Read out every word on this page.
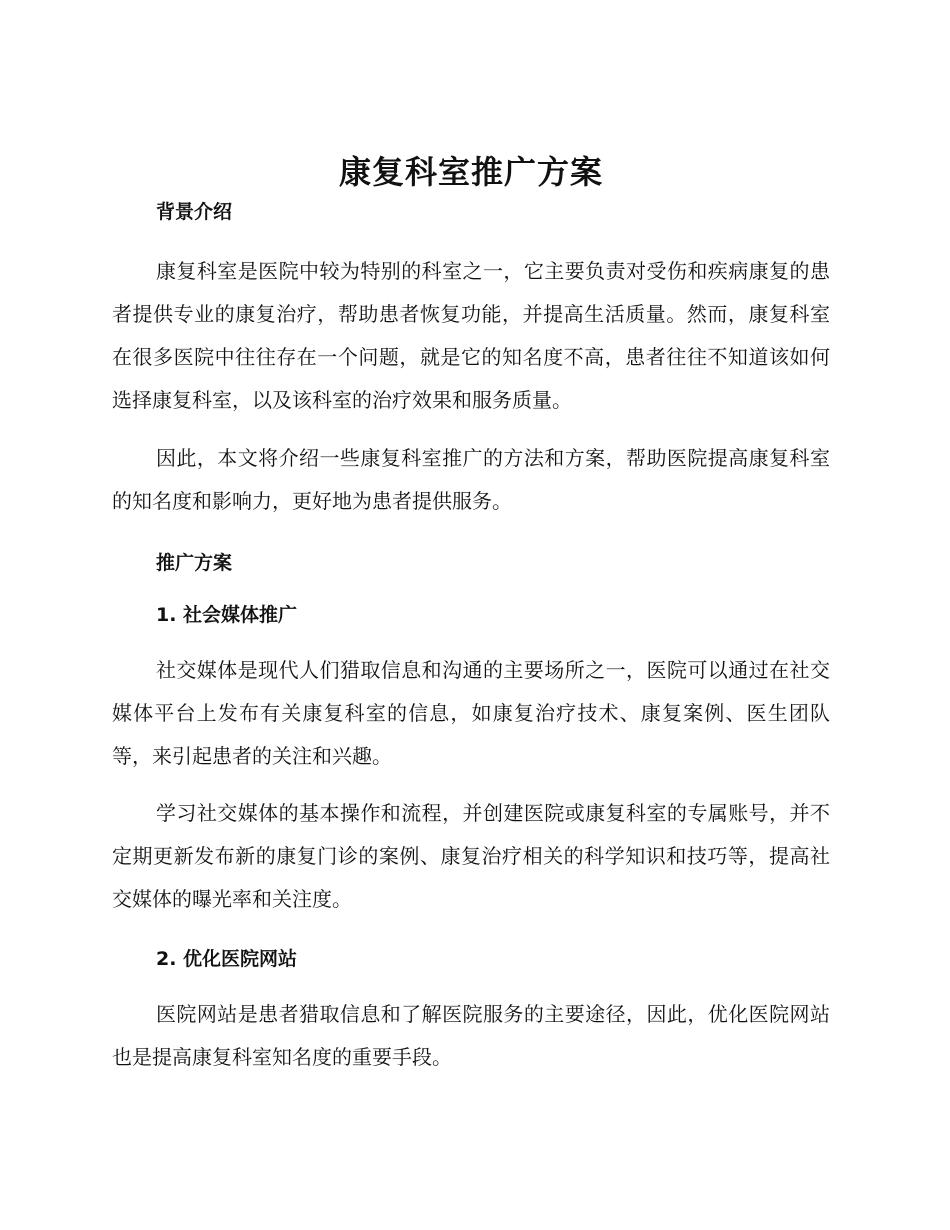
康复科室推广方案
背景介绍

康复科室是医院中较为特别的科室之一，它主要负责对受伤和疾病康复的患者提供专业的康复治疗，帮助患者恢复功能，并提高生活质量。然而，康复科室在很多医院中往往存在一个问题，就是它的知名度不高，患者往往不知道该如何选择康复科室，以及该科室的治疗效果和服务质量。

因此，本文将介绍一些康复科室推广的方法和方案，帮助医院提高康复科室的知名度和影响力，更好地为患者提供服务。

推广方案
1. 社会媒体推广

社交媒体是现代人们猎取信息和沟通的主要场所之一，医院可以通过在社交媒体平台上发布有关康复科室的信息，如康复治疗技术、康复案例、医生团队等，来引起患者的关注和兴趣。

学习社交媒体的基本操作和流程，并创建医院或康复科室的专属账号，并不定期更新发布新的康复门诊的案例、康复治疗相关的科学知识和技巧等，提高社交媒体的曝光率和关注度。

2. 优化医院网站

医院网站是患者猎取信息和了解医院服务的主要途径，因此，优化医院网站也是提高康复科室知名度的重要手段。
